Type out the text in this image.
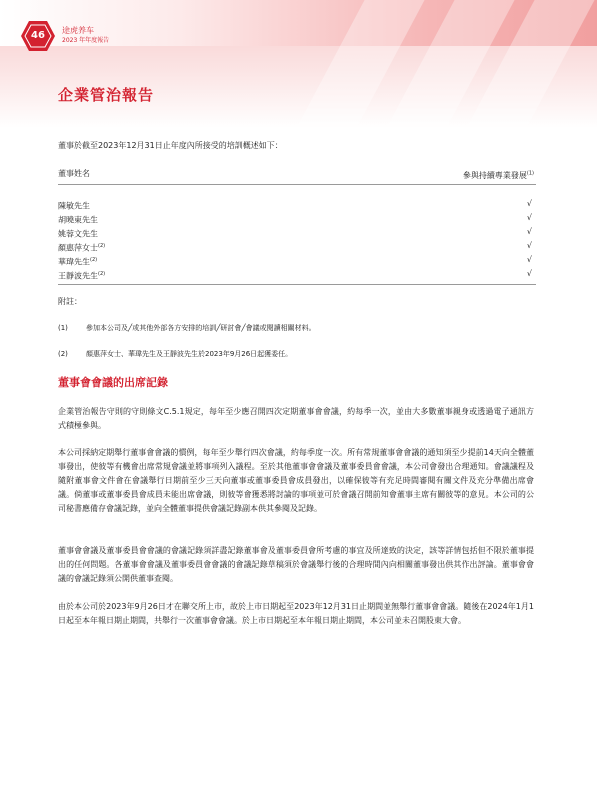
46	途虎养车
2023 年年度報告
企業管治報告
董事於截至2023年12月31日止年度內所接受的培訓概述如下：
董事姓名	參與持續專業發展$^{(1)}$
陳敏先生	√
胡曉東先生	√
姚蓉文先生	√
顏惠萍女士$^{(2)}$	√
華瑋先生$^{(2)}$	√
王靜波先生$^{(2)}$	√
附註：
(1)	參加本公司及╱或其他外部各方安排的培訓╱研討會╱會議或閱讀相關材料。
(2)	顏惠萍女士、華瑋先生及王靜波先生於2023年9月26日起獲委任。
董事會會議的出席記錄
企業管治報告守則的守則條文C.5.1規定，每年至少應召開四次定期董事會會議，約每季一次，並由大多數董事親身或透過電子通訊方式積極參與。
本公司採納定期舉行董事會會議的慣例，每年至少舉行四次會議，約每季度一次。所有常規董事會會議的通知須至少提前14天向全體董事發出，使彼等有機會出席常規會議並將事項列入議程。至於其他董事會會議及董事委員會會議，本公司會發出合理通知。會議議程及隨附董事會文件會在會議舉行日期前至少三天向董事或董事委員會成員發出，以確保彼等有充足時間審閱有關文件及充分準備出席會議。倘董事或董事委員會成員未能出席會議，則彼等會獲悉將討論的事項並可於會議召開前知會董事主席有關彼等的意見。本公司的公司秘書應備存會議記錄，並向全體董事提供會議記錄副本供其參閱及記錄。
董事會會議及董事委員會會議的會議記錄須詳盡記錄董事會及董事委員會所考慮的事宜及所達致的決定，該等詳情包括但不限於董事提出的任何問題。各董事會會議及董事委員會會議的會議記錄草稿須於會議舉行後的合理時間內向相關董事發出供其作出評論。董事會會議的會議記錄須公開供董事查閱。
由於本公司於2023年9月26日才在聯交所上市，故於上市日期起至2023年12月31日止期間並無舉行董事會會議。隨後在2024年1月1日起至本年報日期止期間，共舉行一次董事會會議。於上市日期起至本年報日期止期間，本公司並未召開股東大會。
